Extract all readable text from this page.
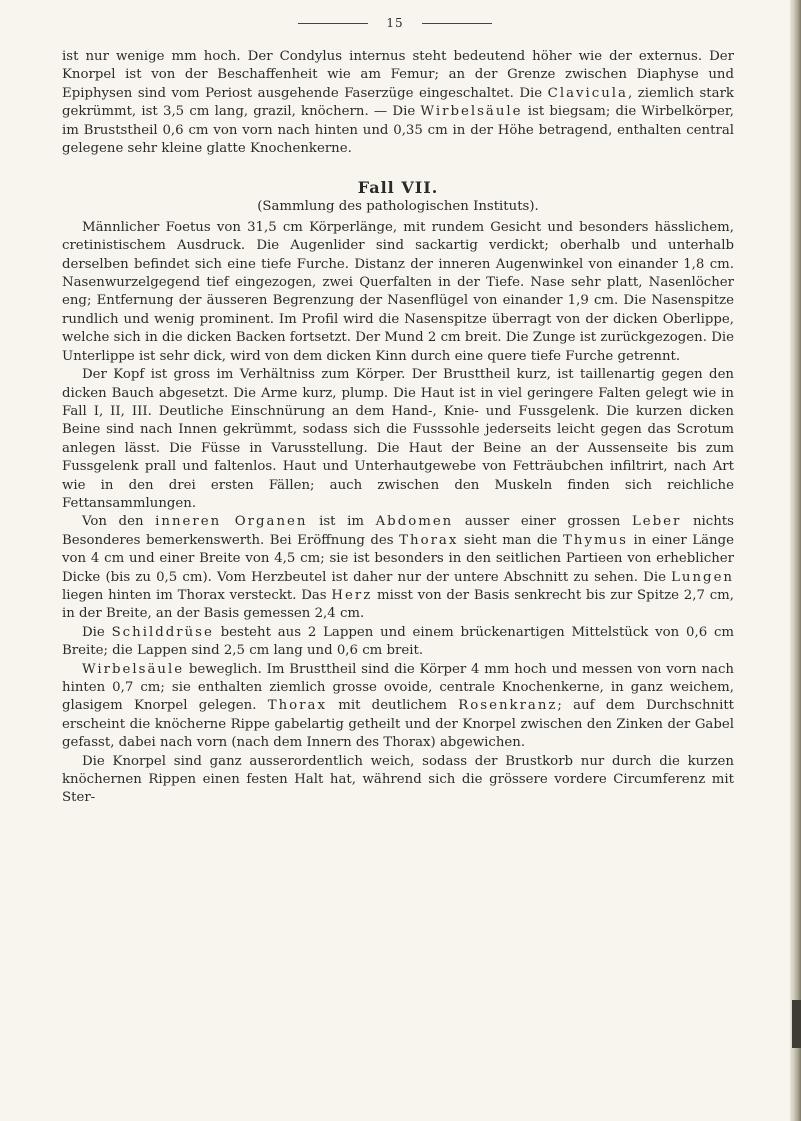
15

ist nur wenige mm hoch. Der Condylus internus steht bedeutend höher wie der externus. Der Knorpel ist von der Beschaffenheit wie am Femur; an der Grenze zwischen Diaphyse und Epiphysen sind vom Periost ausgehende Faserzüge eingeschaltet. Die Clavicula, ziemlich stark gekrümmt, ist 3,5 cm lang, grazil, knöchern. — Die Wirbelsäule ist biegsam; die Wirbelkörper, im Bruststheil 0,6 cm von vorn nach hinten und 0,35 cm in der Höhe betragend, enthalten central gelegene sehr kleine glatte Knochenkerne.

Fall VII.
(Sammlung des pathologischen Instituts).

Männlicher Foetus von 31,5 cm Körperlänge, mit rundem Gesicht und besonders hässlichem, cretinistischem Ausdruck. Die Augenlider sind sackartig verdickt; oberhalb und unterhalb derselben befindet sich eine tiefe Furche. Distanz der inneren Augenwinkel von einander 1,8 cm. Nasenwurzelgegend tief eingezogen, zwei Querfalten in der Tiefe. Nase sehr platt, Nasenlöcher eng; Entfernung der äusseren Begrenzung der Nasenflügel von einander 1,9 cm. Die Nasenspitze rundlich und wenig prominent. Im Profil wird die Nasenspitze überragt von der dicken Oberlippe, welche sich in die dicken Backen fortsetzt. Der Mund 2 cm breit. Die Zunge ist zurückgezogen. Die Unterlippe ist sehr dick, wird von dem dicken Kinn durch eine quere tiefe Furche getrennt.

Der Kopf ist gross im Verhältniss zum Körper. Der Brusttheil kurz, ist taillenartig gegen den dicken Bauch abgesetzt. Die Arme kurz, plump. Die Haut ist in viel geringere Falten gelegt wie in Fall I, II, III. Deutliche Einschnürung an dem Hand-, Knie- und Fussgelenk. Die kurzen dicken Beine sind nach Innen gekrümmt, sodass sich die Fusssohle jederseits leicht gegen das Scrotum anlegen lässt. Die Füsse in Varusstellung. Die Haut der Beine an der Aussenseite bis zum Fussgelenk prall und faltenlos. Haut und Unterhautgewebe von Fetträubchen infiltrirt, nach Art wie in den drei ersten Fällen; auch zwischen den Muskeln finden sich reichliche Fettansammlungen.

Von den inneren Organen ist im Abdomen ausser einer grossen Leber nichts Besonderes bemerkenswerth. Bei Eröffnung des Thorax sieht man die Thymus in einer Länge von 4 cm und einer Breite von 4,5 cm; sie ist besonders in den seitlichen Partieen von erheblicher Dicke (bis zu 0,5 cm). Vom Herzbeutel ist daher nur der untere Abschnitt zu sehen. Die Lungen liegen hinten im Thorax versteckt. Das Herz misst von der Basis senkrecht bis zur Spitze 2,7 cm, in der Breite, an der Basis gemessen 2,4 cm.

Die Schilddrüse besteht aus 2 Lappen und einem brückenartigen Mittelstück von 0,6 cm Breite; die Lappen sind 2,5 cm lang und 0,6 cm breit.

Wirbelsäule beweglich. Im Brusttheil sind die Körper 4 mm hoch und messen von vorn nach hinten 0,7 cm; sie enthalten ziemlich grosse ovoide, centrale Knochenkerne, in ganz weichem, glasigem Knorpel gelegen. Thorax mit deutlichem Rosenkranz; auf dem Durchschnitt erscheint die knöcherne Rippe gabelartig getheilt und der Knorpel zwischen den Zinken der Gabel gefasst, dabei nach vorn (nach dem Innern des Thorax) abgewichen.

Die Knorpel sind ganz ausserordentlich weich, sodass der Brustkorb nur durch die kurzen knöchernen Rippen einen festen Halt hat, während sich die grössere vordere Circumferenz mit Ster-
